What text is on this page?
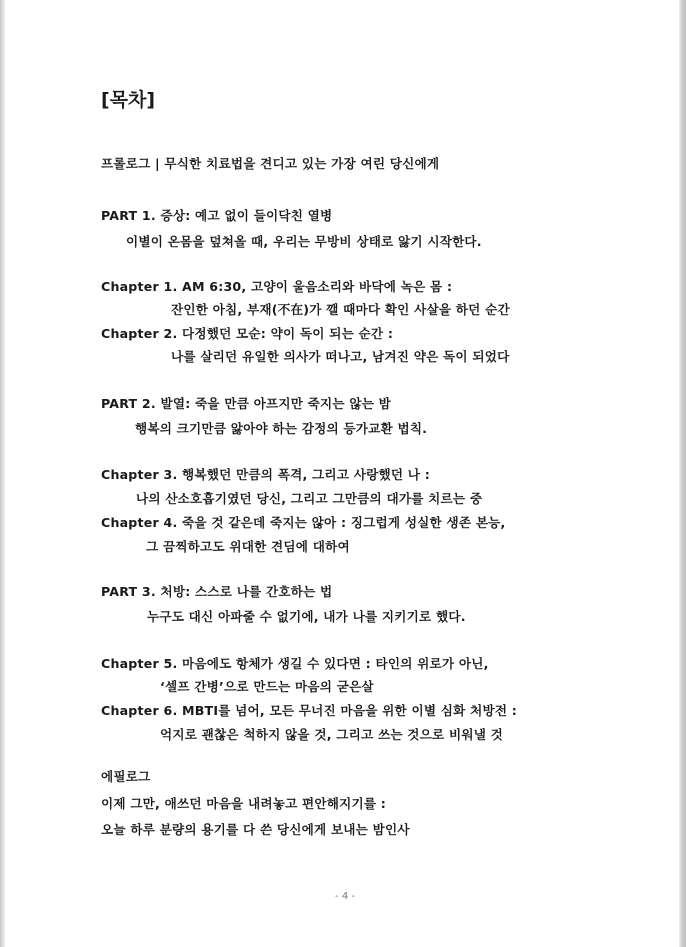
[목차]
프롤로그 | 무식한 치료법을 견디고 있는 가장 여린 당신에게
PART 1. 증상: 예고 없이 들이닥친 열병
이별이 온몸을 덮쳐올 때, 우리는 무방비 상태로 앓기 시작한다.
Chapter 1. AM 6:30, 고양이 울음소리와 바닥에 녹은 몸 :
잔인한 아침, 부재(不在)가 깰 때마다 확인 사살을 하던 순간
Chapter 2. 다정했던 모순: 약이 독이 되는 순간 :
나를 살리던 유일한 의사가 떠나고, 남겨진 약은 독이 되었다
PART 2. 발열: 죽을 만큼 아프지만 죽지는 않는 밤
행복의 크기만큼 앓아야 하는 감정의 등가교환 법칙.
Chapter 3. 행복했던 만큼의 폭격, 그리고 사랑했던 나 :
나의 산소호흡기였던 당신, 그리고 그만큼의 대가를 치르는 중
Chapter 4. 죽을 것 같은데 죽지는 않아 : 징그럽게 성실한 생존 본능,
그 끔찍하고도 위대한 견딤에 대하여
PART 3. 처방: 스스로 나를 간호하는 법
누구도 대신 아파줄 수 없기에, 내가 나를 지키기로 했다.
Chapter 5. 마음에도 항체가 생길 수 있다면 : 타인의 위로가 아닌,
‘셀프 간병’으로 만드는 마음의 굳은살
Chapter 6. MBTI를 넘어, 모든 무너진 마음을 위한 이별 심화 처방전 :
억지로 괜찮은 척하지 않을 것, 그리고 쓰는 것으로 비워낼 것
에필로그
이제 그만, 애쓰던 마음을 내려놓고 편안해지기를 :
오늘 하루 분량의 용기를 다 쓴 당신에게 보내는 밤인사
- 4 -
